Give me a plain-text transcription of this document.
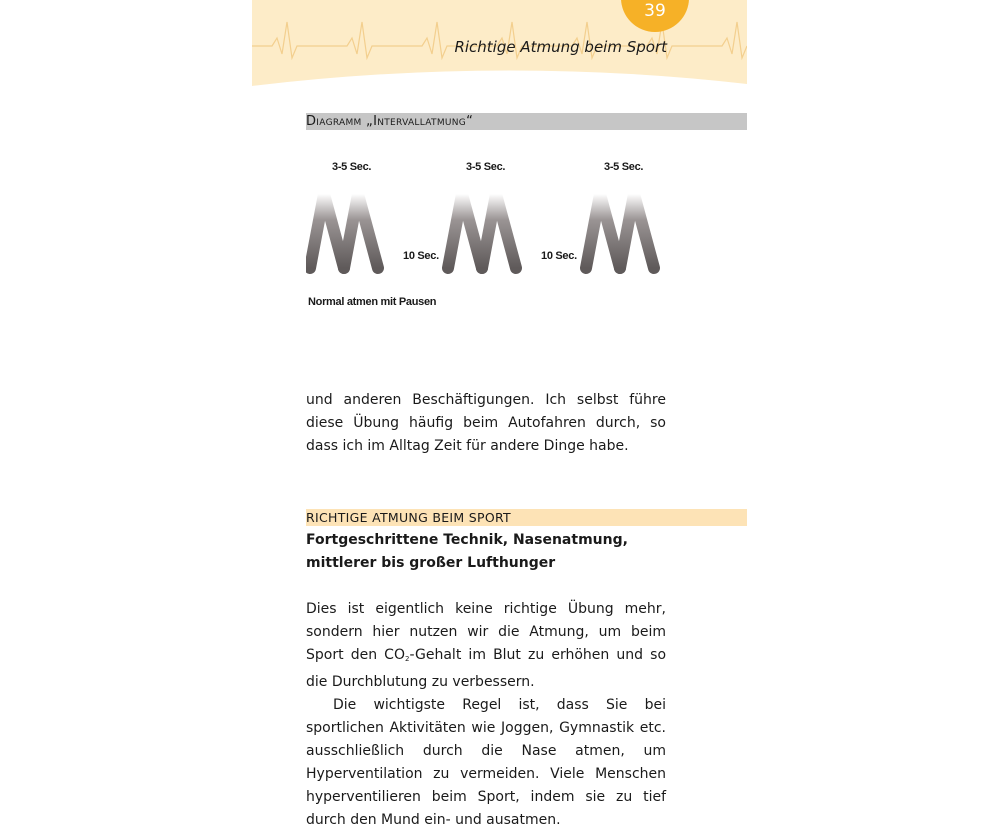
39
Richtige Atmung beim Sport
Diagramm „Intervallatmung“
3-5 Sec.	3-5 Sec.	3-5 Sec.
10 Sec.	10 Sec.
Normal atmen mit Pausen

und anderen Beschäftigungen. Ich selbst führe diese Übung häufig beim Autofahren durch, so dass ich im Alltag Zeit für andere Dinge habe.

RICHTIGE ATMUNG BEIM SPORT
Fortgeschrittene Technik, Nasenatmung, mittlerer bis großer Lufthunger

Dies ist eigentlich keine richtige Übung mehr, sondern hier nutzen wir die Atmung, um beim Sport den $CO_2$-Gehalt im Blut zu erhöhen und so die Durchblutung zu verbessern.

Die wichtigste Regel ist, dass Sie bei sportlichen Aktivitäten wie Joggen, Gymnastik etc. ausschließlich durch die Nase atmen, um Hyperventilation zu vermeiden. Viele Menschen hyperventilieren beim Sport, indem sie zu tief durch den Mund ein- und ausatmen.
